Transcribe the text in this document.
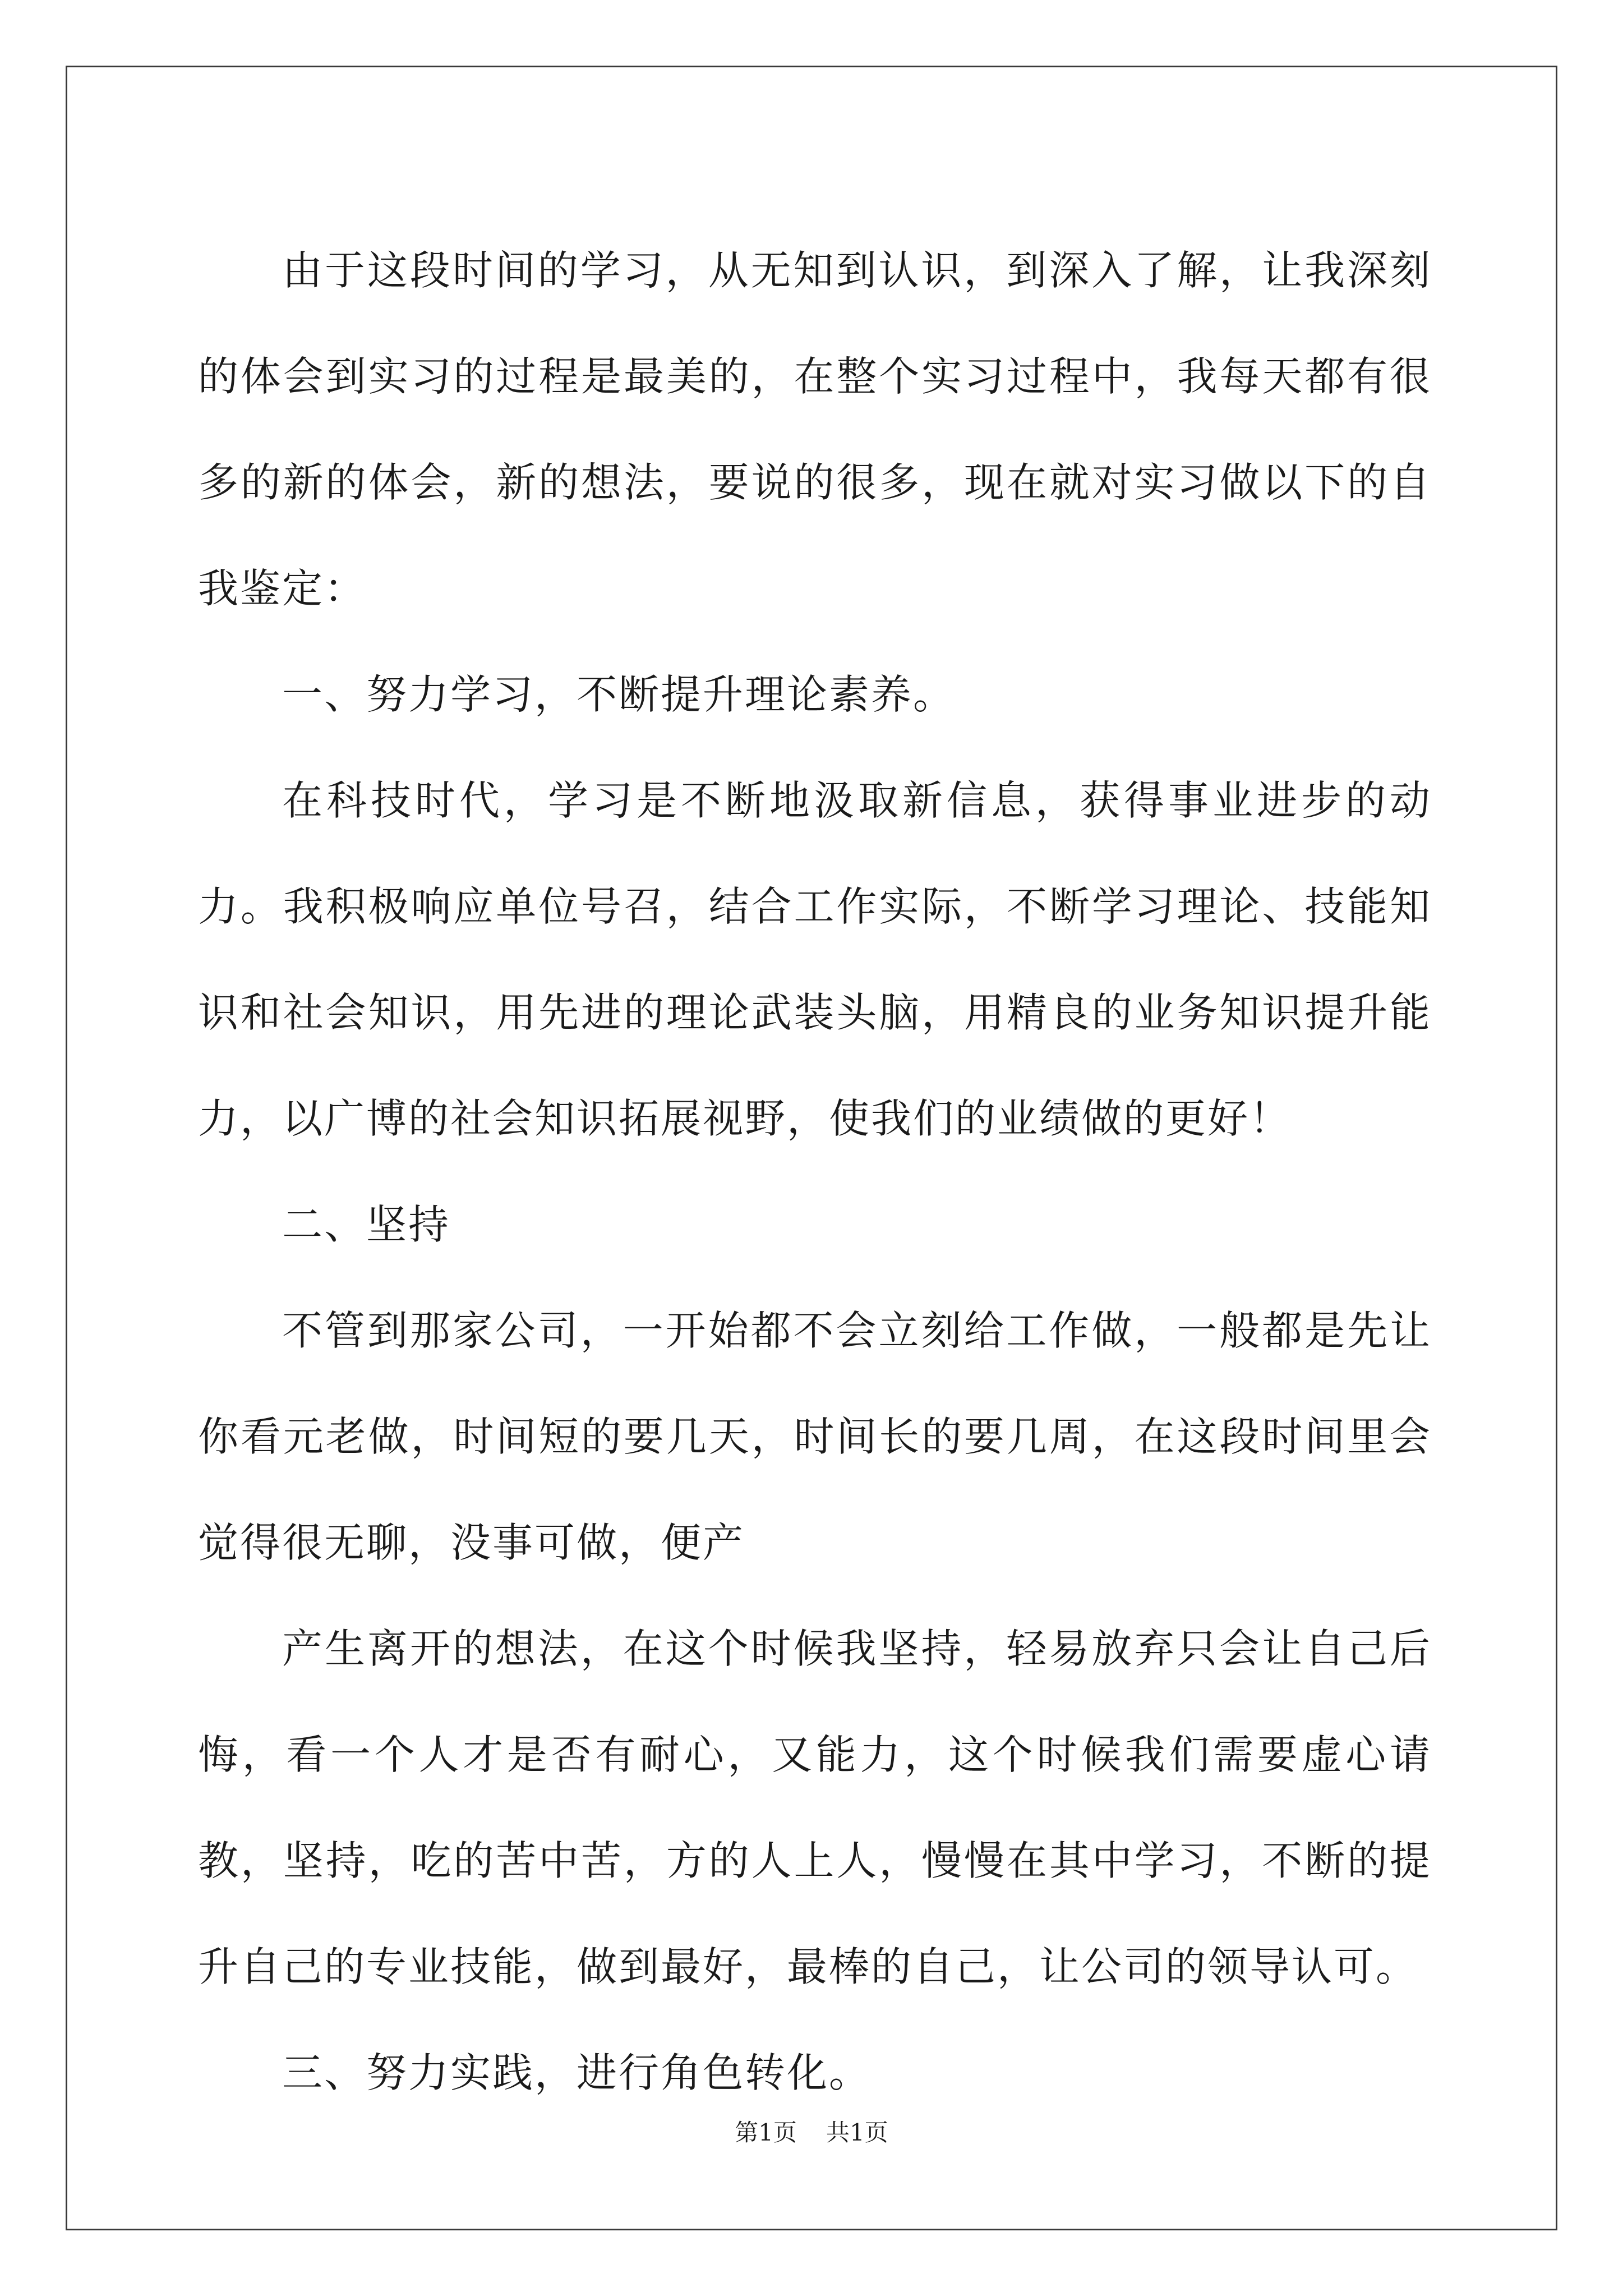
由于这段时间的学习，从无知到认识，到深入了解，让我深刻的体会到实习的过程是最美的，在整个实习过程中，我每天都有很多的新的体会，新的想法，要说的很多，现在就对实习做以下的自我鉴定：

一、努力学习，不断提升理论素养。

在科技时代，学习是不断地汲取新信息，获得事业进步的动力。我积极响应单位号召，结合工作实际，不断学习理论、技能知识和社会知识，用先进的理论武装头脑，用精良的业务知识提升能力，以广博的社会知识拓展视野，使我们的业绩做的更好！

二、坚持

不管到那家公司，一开始都不会立刻给工作做，一般都是先让你看元老做，时间短的要几天，时间长的要几周，在这段时间里会觉得很无聊，没事可做，便产

产生离开的想法，在这个时候我坚持，轻易放弃只会让自己后悔，看一个人才是否有耐心，又能力，这个时候我们需要虚心请教，坚持，吃的苦中苦，方的人上人，慢慢在其中学习，不断的提升自己的专业技能，做到最好，最棒的自己，让公司的领导认可。

三、努力实践，进行角色转化。

第1页 共1页
